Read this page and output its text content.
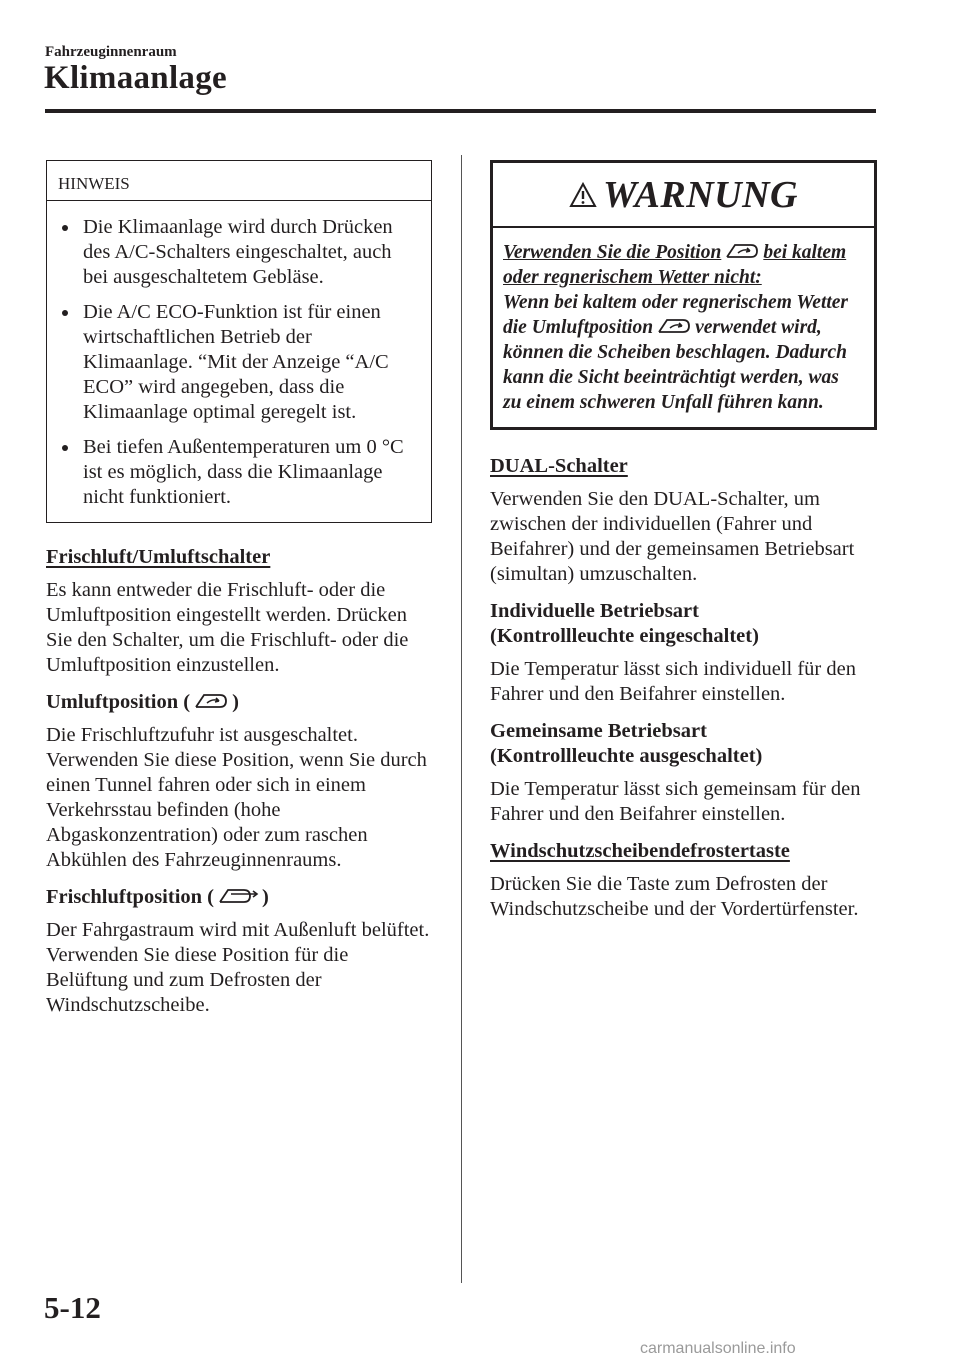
Fahrzeuginnenraum
Klimaanlage
HINWEIS
Die Klimaanlage wird durch Drücken des A/C-Schalters eingeschaltet, auch bei ausgeschaltetem Gebläse.
Die A/C ECO-Funktion ist für einen wirtschaftlichen Betrieb der Klimaanlage. “Mit der Anzeige “A/C ECO” wird angegeben, dass die Klimaanlage optimal geregelt ist.
Bei tiefen Außentemperaturen um 0 °C ist es möglich, dass die Klimaanlage nicht funktioniert.
Frischluft/Umluftschalter
Es kann entweder die Frischluft- oder die Umluftposition eingestellt werden. Drücken Sie den Schalter, um die Frischluft- oder die Umluftposition einzustellen.
Umluftposition ( )
Die Frischluftzufuhr ist ausgeschaltet. Verwenden Sie diese Position, wenn Sie durch einen Tunnel fahren oder sich in einem Verkehrsstau befinden (hohe Abgaskonzentration) oder zum raschen Abkühlen des Fahrzeuginnenraums.
Frischluftposition ( )
Der Fahrgastraum wird mit Außenluft belüftet. Verwenden Sie diese Position für die Belüftung und zum Defrosten der Windschutzscheibe.
WARNUNG
Verwenden Sie die Position bei kaltem oder regnerischem Wetter nicht:
Wenn bei kaltem oder regnerischem Wetter die Umluftposition verwendet wird, können die Scheiben beschlagen. Dadurch kann die Sicht beeinträchtigt werden, was zu einem schweren Unfall führen kann.
DUAL-Schalter
Verwenden Sie den DUAL-Schalter, um zwischen der individuellen (Fahrer und Beifahrer) und der gemeinsamen Betriebsart (simultan) umzuschalten.
Individuelle Betriebsart
(Kontrollleuchte eingeschaltet)
Die Temperatur lässt sich individuell für den Fahrer und den Beifahrer einstellen.
Gemeinsame Betriebsart
(Kontrollleuchte ausgeschaltet)
Die Temperatur lässt sich gemeinsam für den Fahrer und den Beifahrer einstellen.
Windschutzscheibendefrostertaste
Drücken Sie die Taste zum Defrosten der Windschutzscheibe und der Vordertürfenster.
5-12
carmanualsonline.info
